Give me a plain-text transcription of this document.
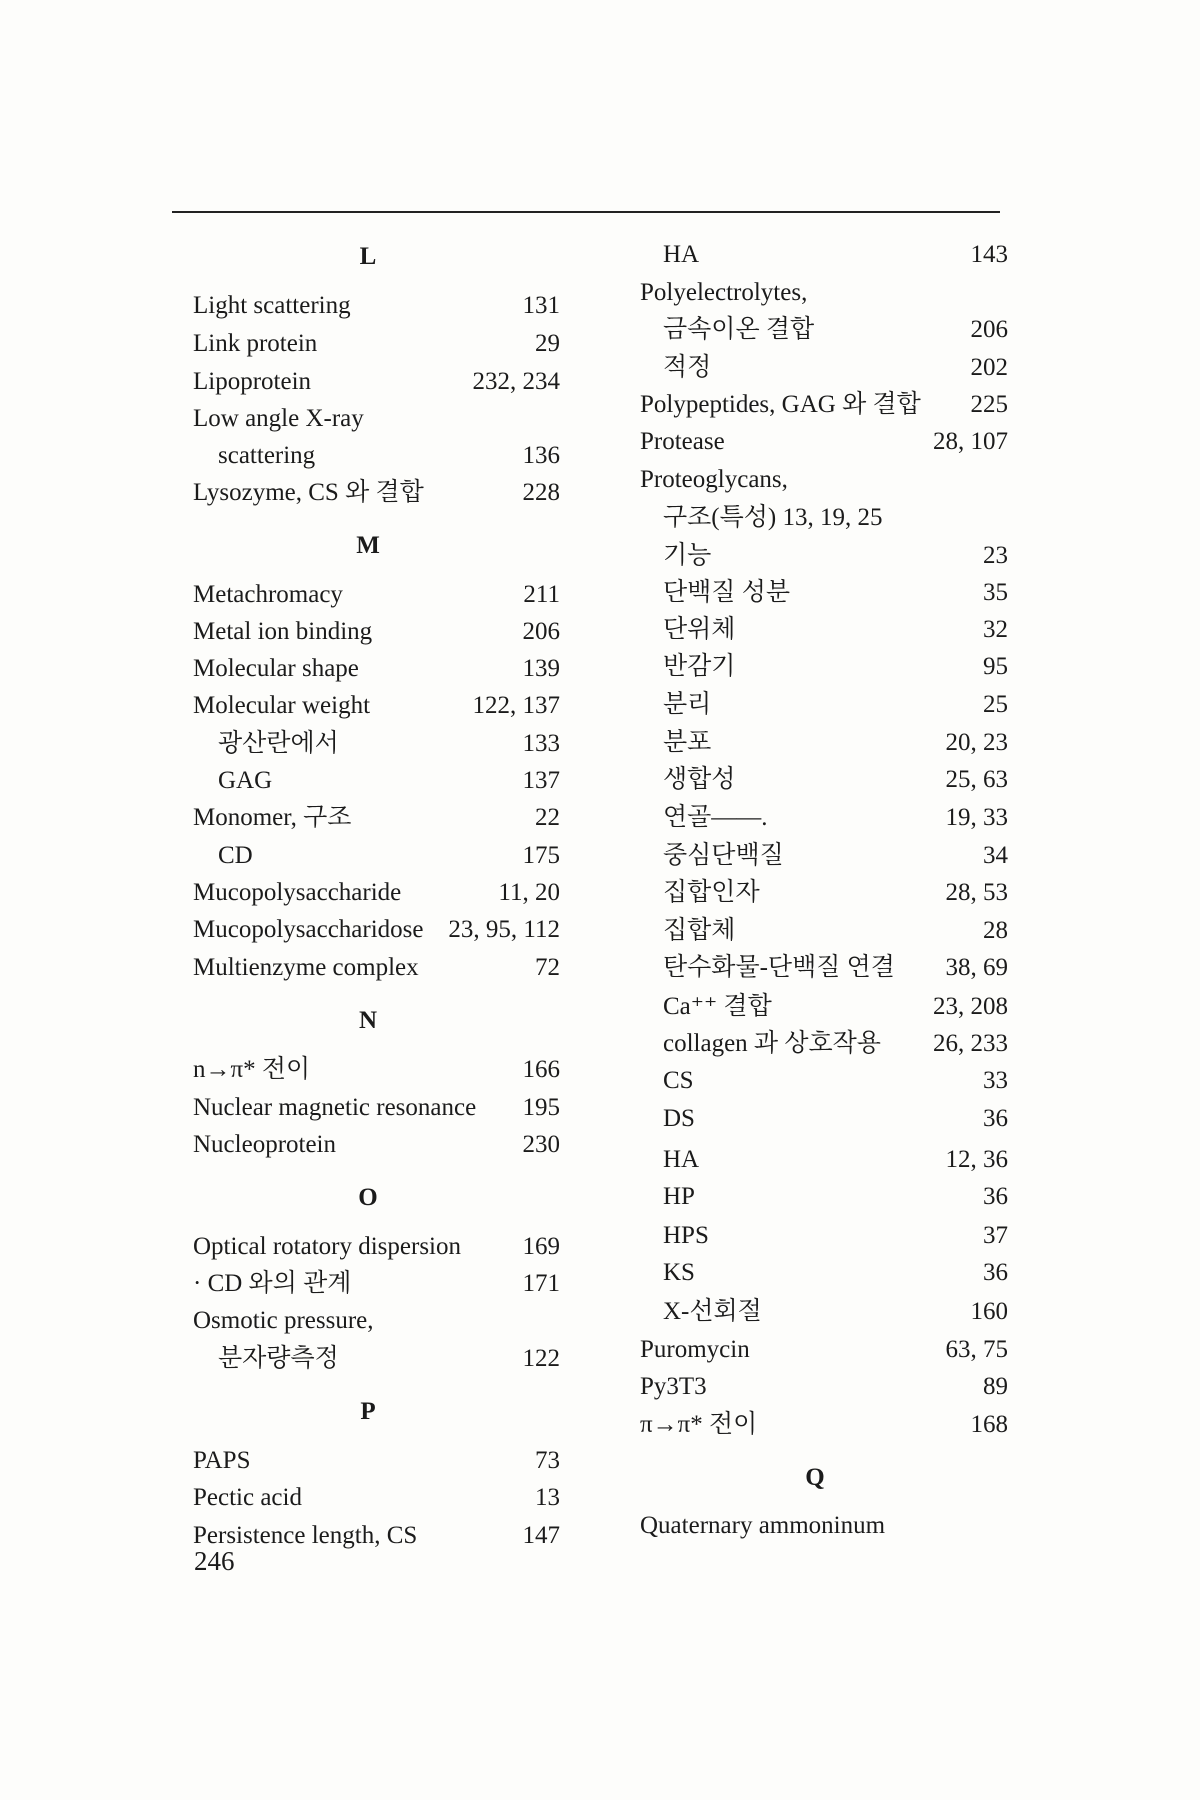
L
Light scattering	131
Link protein	29
Lipoprotein	232, 234
Low angle X-ray
scattering	136
Lysozyme, CS 와 결합	228
M
Metachromacy	211
Metal ion binding	206
Molecular shape	139
Molecular weight	122, 137
광산란에서	133
GAG	137
Monomer, 구조	22
CD	175
Mucopolysaccharide	11, 20
Mucopolysaccharidose 23, 95, 112
Multienzyme complex	72
N
n→π* 전이	166
Nuclear magnetic resonance 195
Nucleoprotein	230
O
Optical rotatory dispersion 169
· CD 와의 관계	171
Osmotic pressure,
분자량측정	122
P
PAPS	73
Pectic acid	13
Persistence length, CS	147
HA	143
Polyelectrolytes,
금속이온 결합	206
적정	202
Polypeptides, GAG 와 결합 225
Protease	28, 107
Proteoglycans,
구조(특성) 13, 19, 25
기능	23
단백질 성분	35
단위체	32
반감기	95
분리	25
분포	20, 23
생합성	25, 63
연골——.	19, 33
중심단백질	34
집합인자	28, 53
집합체	28
탄수화물-단백질 연결 38, 69
Ca⁺⁺ 결합	23, 208
collagen 과 상호작용 26, 233
CS	33
DS	36
HA	12, 36
HP	36
HPS	37
KS	36
X-선회절	160
Puromycin	63, 75
Py3T3	89
π→π* 전이	168
Q
Quaternary ammoninum
246
